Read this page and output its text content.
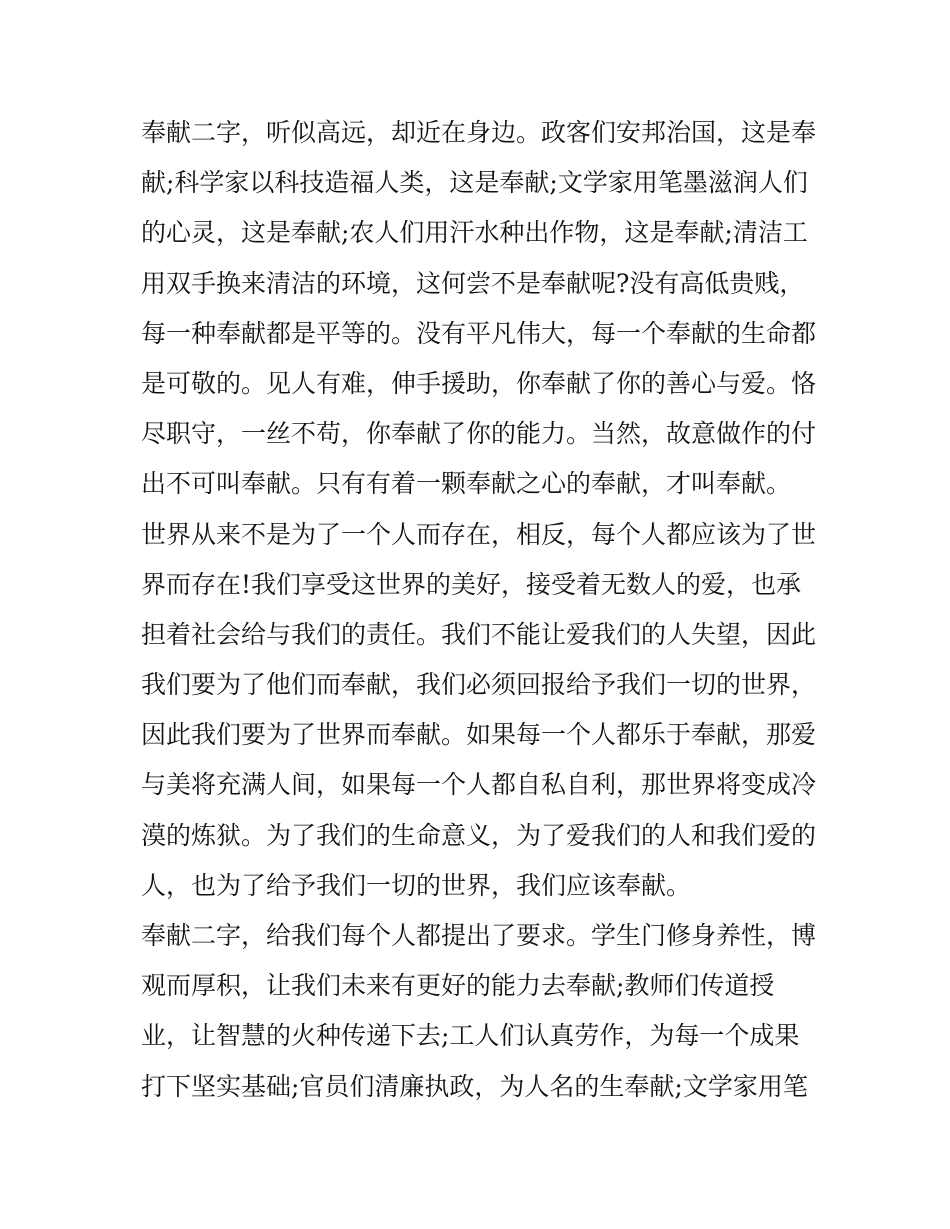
奉献二字，听似高远，却近在身边。政客们安邦治国，这是奉
献;科学家以科技造福人类，这是奉献;文学家用笔墨滋润人们
的心灵，这是奉献;农人们用汗水种出作物，这是奉献;清洁工
用双手换来清洁的环境，这何尝不是奉献呢?没有高低贵贱，
每一种奉献都是平等的。没有平凡伟大，每一个奉献的生命都
是可敬的。见人有难，伸手援助，你奉献了你的善心与爱。恪
尽职守，一丝不苟，你奉献了你的能力。当然，故意做作的付
出不可叫奉献。只有有着一颗奉献之心的奉献，才叫奉献。
世界从来不是为了一个人而存在，相反，每个人都应该为了世
界而存在!我们享受这世界的美好，接受着无数人的爱，也承
担着社会给与我们的责任。我们不能让爱我们的人失望，因此
我们要为了他们而奉献，我们必须回报给予我们一切的世界，
因此我们要为了世界而奉献。如果每一个人都乐于奉献，那爱
与美将充满人间，如果每一个人都自私自利，那世界将变成冷
漠的炼狱。为了我们的生命意义，为了爱我们的人和我们爱的
人，也为了给予我们一切的世界，我们应该奉献。
奉献二字，给我们每个人都提出了要求。学生门修身养性，博
观而厚积，让我们未来有更好的能力去奉献;教师们传道授
业，让智慧的火种传递下去;工人们认真劳作，为每一个成果
打下坚实基础;官员们清廉执政，为人名的生奉献;文学家用笔
